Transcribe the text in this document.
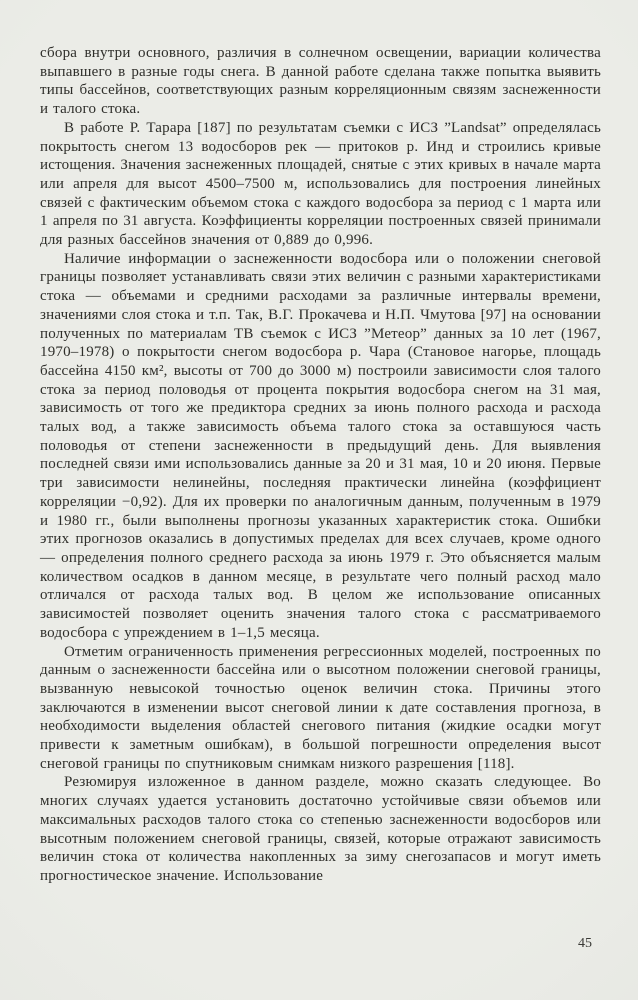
сбора внутри основного, различия в солнечном освещении, вариации количества выпавшего в разные годы снега. В данной работе сделана также попытка выявить типы бассейнов, соответствующих разным корреляционным связям заснеженности и талого стока.

В работе Р. Тарара [187] по результатам съемки с ИСЗ ”Landsat” определялась покрытость снегом 13 водосборов рек — притоков р. Инд и строились кривые истощения. Значения заснеженных площадей, снятые с этих кривых в начале марта или апреля для высот 4500–7500 м, использовались для построения линейных связей с фактическим объемом стока с каждого водосбора за период с 1 марта или 1 апреля по 31 августа. Коэффициенты корреляции построенных связей принимали для разных бассейнов значения от 0,889 до 0,996.

Наличие информации о заснеженности водосбора или о положении снеговой границы позволяет устанавливать связи этих величин с разными характеристиками стока — объемами и средними расходами за различные интервалы времени, значениями слоя стока и т.п. Так, В.Г. Прокачева и Н.П. Чмутова [97] на основании полученных по материалам ТВ съемок с ИСЗ ”Метеор” данных за 10 лет (1967, 1970–1978) о покрытости снегом водосбора р. Чара (Становое нагорье, площадь бассейна 4150 км², высоты от 700 до 3000 м) построили зависимости слоя талого стока за период половодья от процента покрытия водосбора снегом на 31 мая, зависимость от того же предиктора средних за июнь полного расхода и расхода талых вод, а также зависимость объема талого стока за оставшуюся часть половодья от степени заснеженности в предыдущий день. Для выявления последней связи ими использовались данные за 20 и 31 мая, 10 и 20 июня. Первые три зависимости нелинейны, последняя практически линейна (коэффициент корреляции −0,92). Для их проверки по аналогичным данным, полученным в 1979 и 1980 гг., были выполнены прогнозы указанных характеристик стока. Ошибки этих прогнозов оказались в допустимых пределах для всех случаев, кроме одного — определения полного среднего расхода за июнь 1979 г. Это объясняется малым количеством осадков в данном месяце, в результате чего полный расход мало отличался от расхода талых вод. В целом же использование описанных зависимостей позволяет оценить значения талого стока с рассматриваемого водосбора с упреждением в 1–1,5 месяца.

Отметим ограниченность применения регрессионных моделей, построенных по данным о заснеженности бассейна или о высотном положении снеговой границы, вызванную невысокой точностью оценок величин стока. Причины этого заключаются в изменении высот снеговой линии к дате составления прогноза, в необходимости выделения областей снегового питания (жидкие осадки могут привести к заметным ошибкам), в большой погрешности определения высот снеговой границы по спутниковым снимкам низкого разрешения [118].

Резюмируя изложенное в данном разделе, можно сказать следующее. Во многих случаях удается установить достаточно устойчивые связи объемов или максимальных расходов талого стока со степенью заснеженности водосборов или высотным положением снеговой границы, связей, которые отражают зависимость величин стока от количества накопленных за зиму снегозапасов и могут иметь прогностическое значение. Использование

45
